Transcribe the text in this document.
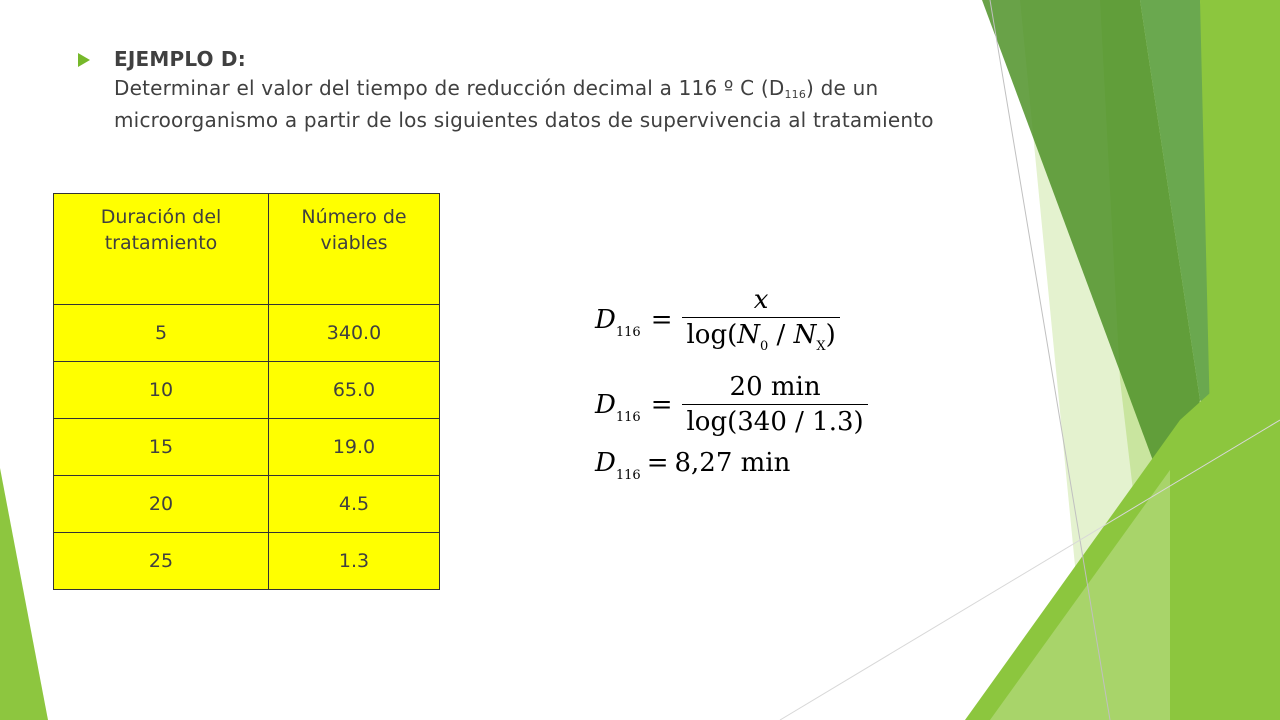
EJEMPLO D:
Determinar el valor del tiempo de reducción decimal a 116 º C (D116) de un microorganismo a partir de los siguientes datos de supervivencia al tratamiento
Duración del tratamiento	Número de viables
5	340.0
10	65.0
15	19.0
20	4.5
25	1.3
$D_{116} = \frac{x}{\log(N_0 / N_X)}$
$D_{116} = \frac{20 \min}{\log(340 / 1.3)}$
$D_{116} = 8,27$ min
